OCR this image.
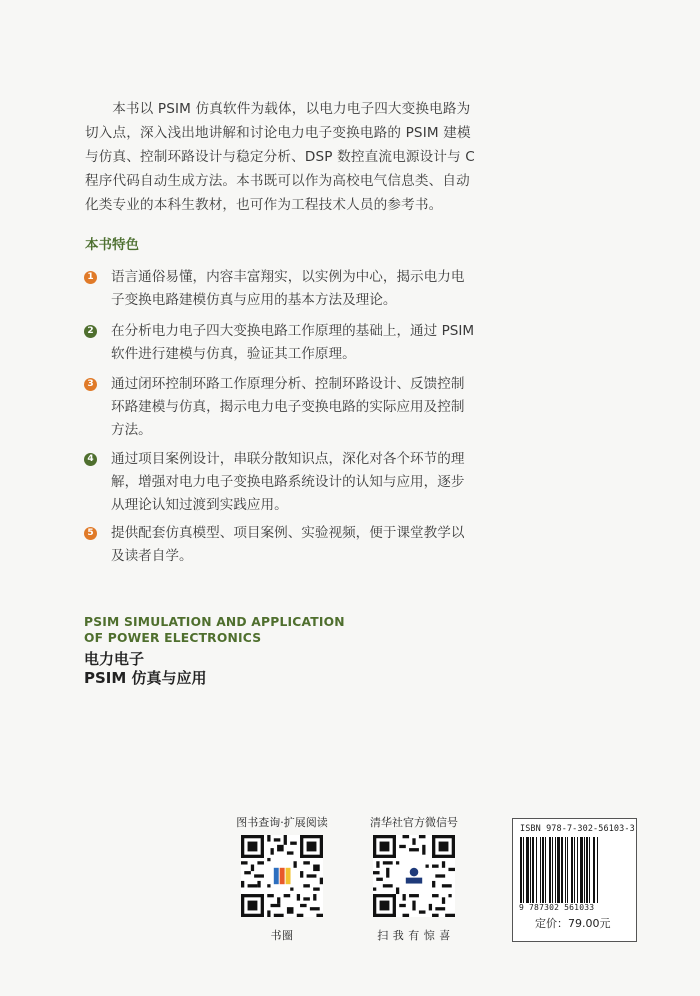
本书以 PSIM 仿真软件为载体，以电力电子四大变换电路为切入点，深入浅出地讲解和讨论电力电子变换电路的 PSIM 建模与仿真、控制环路设计与稳定分析、DSP 数控直流电源设计与 C 程序代码自动生成方法。本书既可以作为高校电气信息类、自动化类专业的本科生教材，也可作为工程技术人员的参考书。

本书特色
1 语言通俗易懂，内容丰富翔实，以实例为中心，揭示电力电子变换电路建模仿真与应用的基本方法及理论。
2 在分析电力电子四大变换电路工作原理的基础上，通过 PSIM 软件进行建模与仿真，验证其工作原理。
3 通过闭环控制环路工作原理分析、控制环路设计、反馈控制环路建模与仿真，揭示电力电子变换电路的实际应用及控制方法。
4 通过项目案例设计，串联分散知识点，深化对各个环节的理解，增强对电力电子变换电路系统设计的认知与应用，逐步从理论认知过渡到实践应用。
5 提供配套仿真模型、项目案例、实验视频，便于课堂教学以及读者自学。
PSIM SIMULATION AND APPLICATION
OF POWER ELECTRONICS
电力电子
PSIM 仿真与应用
图书查询·扩展阅读
书圈
清华社官方微信号
扫 我 有 惊 喜
ISBN 978-7-302-56103-3
9 787302 561033
定价：79.00元
